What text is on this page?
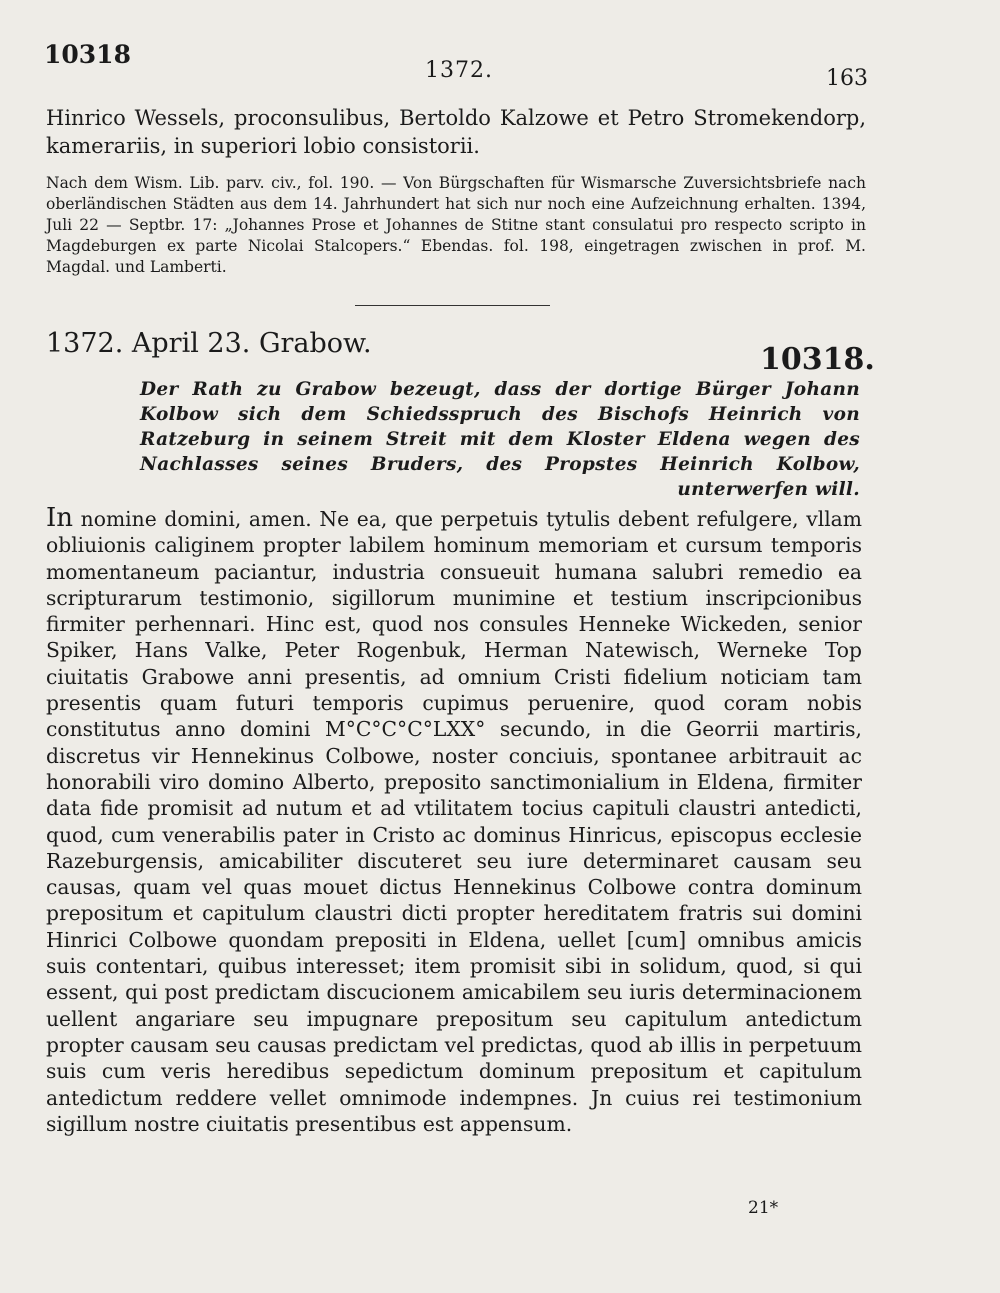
10318
1372.	163
Hinrico Wessels, proconsulibus, Bertoldo Kalzowe et Petro Stromekendorp, kamerariis, in superiori lobio consistorii.
Nach dem Wism. Lib. parv. civ., fol. 190. — Von Bürgschaften für Wismarsche Zuversichtsbriefe nach oberländischen Städten aus dem 14. Jahrhundert hat sich nur noch eine Aufzeichnung erhalten. 1394, Juli 22 — Septbr. 17: „Johannes Prose et Johannes de Stitne stant consulatui pro respecto scripto in Magdeburgen ex parte Nicolai Stalcopers.“ Ebendas. fol. 198, eingetragen zwischen in prof. M. Magdal. und Lamberti.
1372. April 23. Grabow.	10318.
Der Rath zu Grabow bezeugt, dass der dortige Bürger Johann Kolbow sich dem Schiedsspruch des Bischofs Heinrich von Ratzeburg in seinem Streit mit dem Kloster Eldena wegen des Nachlasses seines Bruders, des Propstes Heinrich Kolbow, unterwerfen will.
In nomine domini, amen. Ne ea, que perpetuis tytulis debent refulgere, vllam obliuionis caliginem propter labilem hominum memoriam et cursum temporis momentaneum paciantur, industria consueuit humana salubri remedio ea scripturarum testimonio, sigillorum munimine et testium inscripcionibus firmiter perhennari. Hinc est, quod nos consules Henneke Wickeden, senior Spiker, Hans Valke, Peter Rogenbuk, Herman Natewisch, Werneke Top ciuitatis Grabowe anni presentis, ad omnium Cristi fidelium noticiam tam presentis quam futuri temporis cupimus peruenire, quod coram nobis constitutus anno domini M°C°C°C°LXX° secundo, in die Georrii martiris, discretus vir Hennekinus Colbowe, noster conciuis, spontanee arbitrauit ac honorabili viro domino Alberto, preposito sanctimonialium in Eldena, firmiter data fide promisit ad nutum et ad vtilitatem tocius capituli claustri antedicti, quod, cum venerabilis pater in Cristo ac dominus Hinricus, episcopus ecclesie Razeburgensis, amicabiliter discuteret seu iure determinaret causam seu causas, quam vel quas mouet dictus Hennekinus Colbowe contra dominum prepositum et capitulum claustri dicti propter hereditatem fratris sui domini Hinrici Colbowe quondam prepositi in Eldena, uellet [cum] omnibus amicis suis contentari, quibus interesset; item promisit sibi in solidum, quod, si qui essent, qui post predictam discucionem amicabilem seu iuris determinacionem uellent angariare seu impugnare prepositum seu capitulum antedictum propter causam seu causas predictam vel predictas, quod ab illis in perpetuum suis cum veris heredibus sepedictum dominum prepositum et capitulum antedictum reddere vellet omnimode indempnes. Jn cuius rei testimonium sigillum nostre ciuitatis presentibus est appensum.
21*
